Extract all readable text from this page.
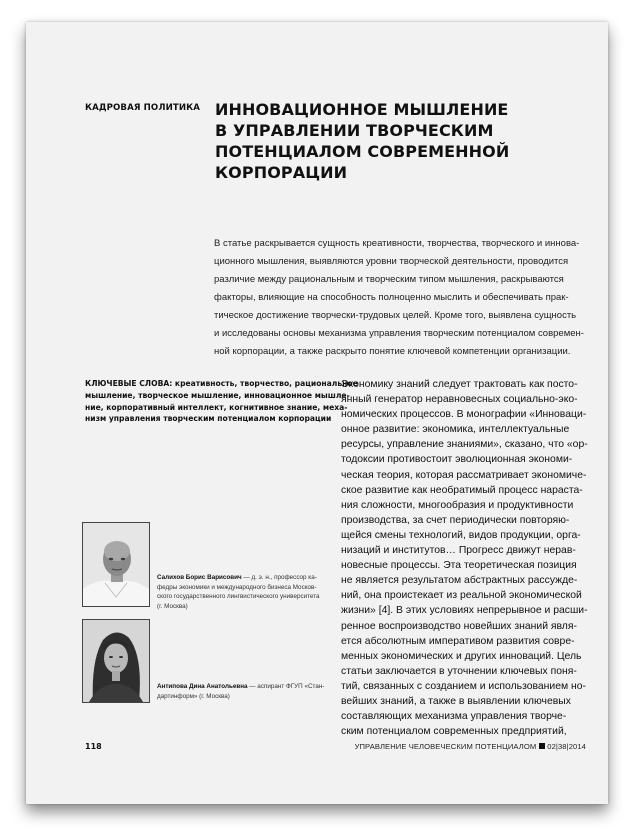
КАДРОВАЯ ПОЛИТИКА ИННОВАЦИОННОЕ МЫШЛЕНИЕ
В УПРАВЛЕНИИ ТВОРЧЕСКИМ
ПОТЕНЦИАЛОМ СОВРЕМЕННОЙ
КОРПОРАЦИИ
В статье раскрывается сущность креативности, творчества, творческого и иннова-
ционного мышления, выявляются уровни творческой деятельности, проводится
различие между рациональным и творческим типом мышления, раскрываются
факторы, влияющие на способность полноценно мыслить и обеспечивать прак-
тическое достижение творчески-трудовых целей. Кроме того, выявлена сущность
и исследованы основы механизма управления творческим потенциалом современ-
ной корпорации, а также раскрыто понятие ключевой компетенции организации.
КЛЮЧЕВЫЕ СЛОВА: креативность, творчество, рациональное
мышление, творческое мышление, инновационное мышле-
ние, корпоративный интеллект, когнитивное знание, меха-
низм управления творческим потенциалом корпорации
Экономику знаний следует трактовать как посто-
янный генератор неравновесных социально-эко-
номических процессов. В монографии «Инноваци-
онное развитие: экономика, интеллектуальные
ресурсы, управление знаниями», сказано, что «ор-
тодоксии противостоит эволюционная экономи-
ческая теория, которая рассматривает экономиче-
ское развитие как необратимый процесс нараста-
ния сложности, многообразия и продуктивности
производства, за счет периодически повторяю-
щейся смены технологий, видов продукции, орга-
низаций и институтов… Прогресс движут нерав-
новесные процессы. Эта теоретическая позиция
не является результатом абстрактных рассужде-
ний, она проистекает из реальной экономической
жизни» [4]. В этих условиях непрерывное и расши-
ренное воспроизводство новейших знаний явля-
ется абсолютным императивом развития совре-
менных экономических и других инноваций. Цель
статьи заключается в уточнении ключевых поня-
тий, связанных с созданием и использованием но-
вейших знаний, а также в выявлении ключевых
составляющих механизма управления творче-
ским потенциалом современных предприятий,
Салихов Борис Варисович — д. э. н., профессор ка-
федры экономики и международного бизнеса Москов-
ского государственного лингвистического университета
(г. Москва)
Антипова Дина Анатольевна — аспирант ФГУП «Стан-
дартинформ» (г. Москва)
118	УПРАВЛЕНИЕ ЧЕЛОВЕЧЕСКИМ ПОТЕНЦИАЛОМ 02|38|2014
